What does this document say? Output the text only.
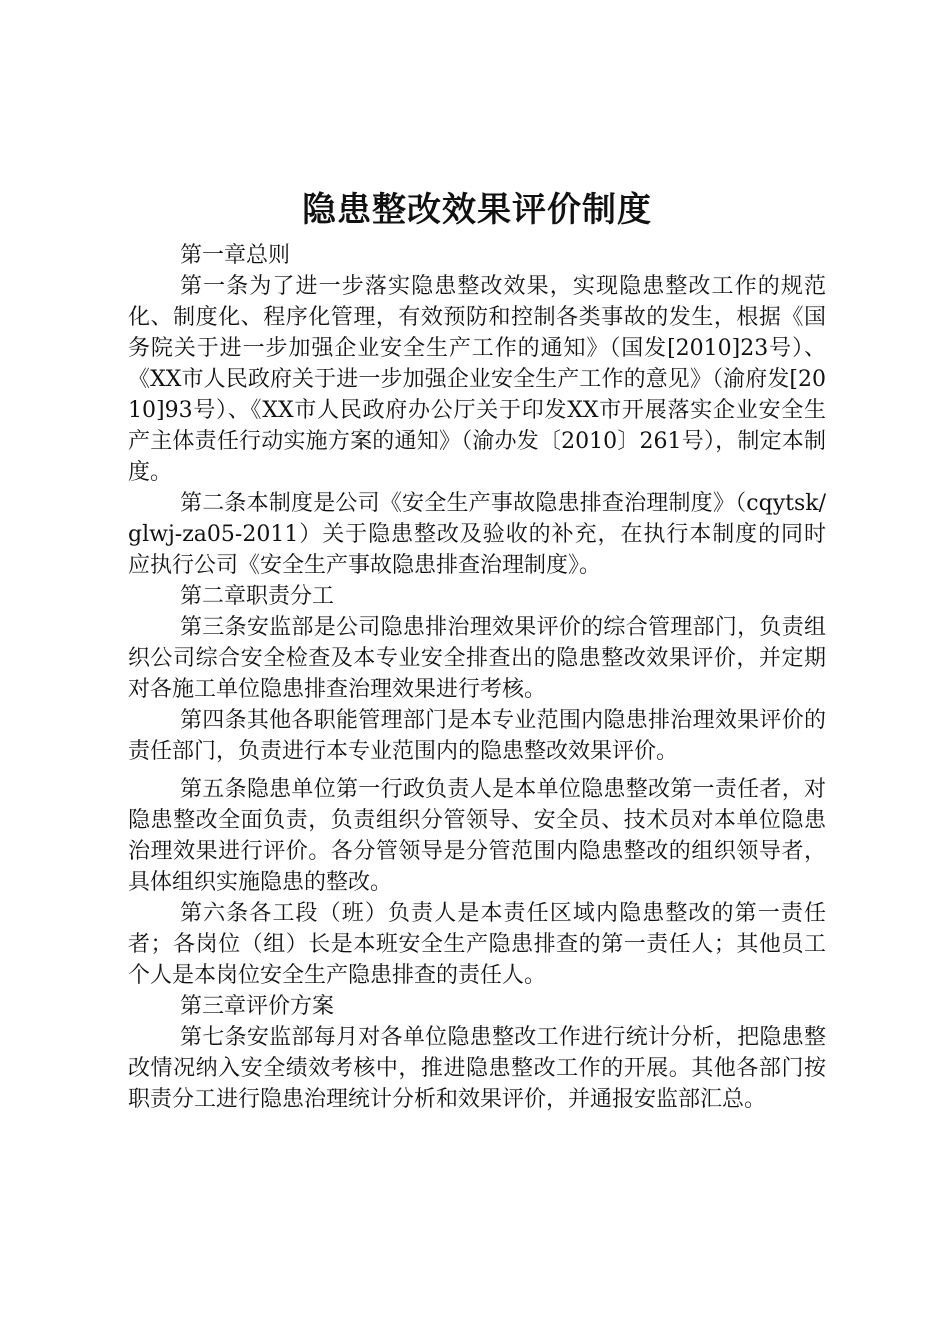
隐患整改效果评价制度

第一章总则

第一条为了进一步落实隐患整改效果，实现隐患整改工作的规范化、制度化、程序化管理，有效预防和控制各类事故的发生，根据《国务院关于进一步加强企业安全生产工作的通知》（国发[2010]23号）、《XX市人民政府关于进一步加强企业安全生产工作的意见》（渝府发[2010]93号）、《XX市人民政府办公厅关于印发XX市开展落实企业安全生产主体责任行动实施方案的通知》（渝办发〔2010〕261号），制定本制度。

第二条本制度是公司《安全生产事故隐患排查治理制度》（cqytsk/glwj-za05-2011）关于隐患整改及验收的补充，在执行本制度的同时应执行公司《安全生产事故隐患排查治理制度》。

第二章职责分工

第三条安监部是公司隐患排治理效果评价的综合管理部门，负责组织公司综合安全检查及本专业安全排查出的隐患整改效果评价，并定期对各施工单位隐患排查治理效果进行考核。

第四条其他各职能管理部门是本专业范围内隐患排治理效果评价的责任部门，负责进行本专业范围内的隐患整改效果评价。

第五条隐患单位第一行政负责人是本单位隐患整改第一责任者，对隐患整改全面负责，负责组织分管领导、安全员、技术员对本单位隐患治理效果进行评价。各分管领导是分管范围内隐患整改的组织领导者，具体组织实施隐患的整改。

第六条各工段（班）负责人是本责任区域内隐患整改的第一责任者；各岗位（组）长是本班安全生产隐患排查的第一责任人；其他员工个人是本岗位安全生产隐患排查的责任人。

第三章评价方案

第七条安监部每月对各单位隐患整改工作进行统计分析，把隐患整改情况纳入安全绩效考核中，推进隐患整改工作的开展。其他各部门按职责分工进行隐患治理统计分析和效果评价，并通报安监部汇总。
